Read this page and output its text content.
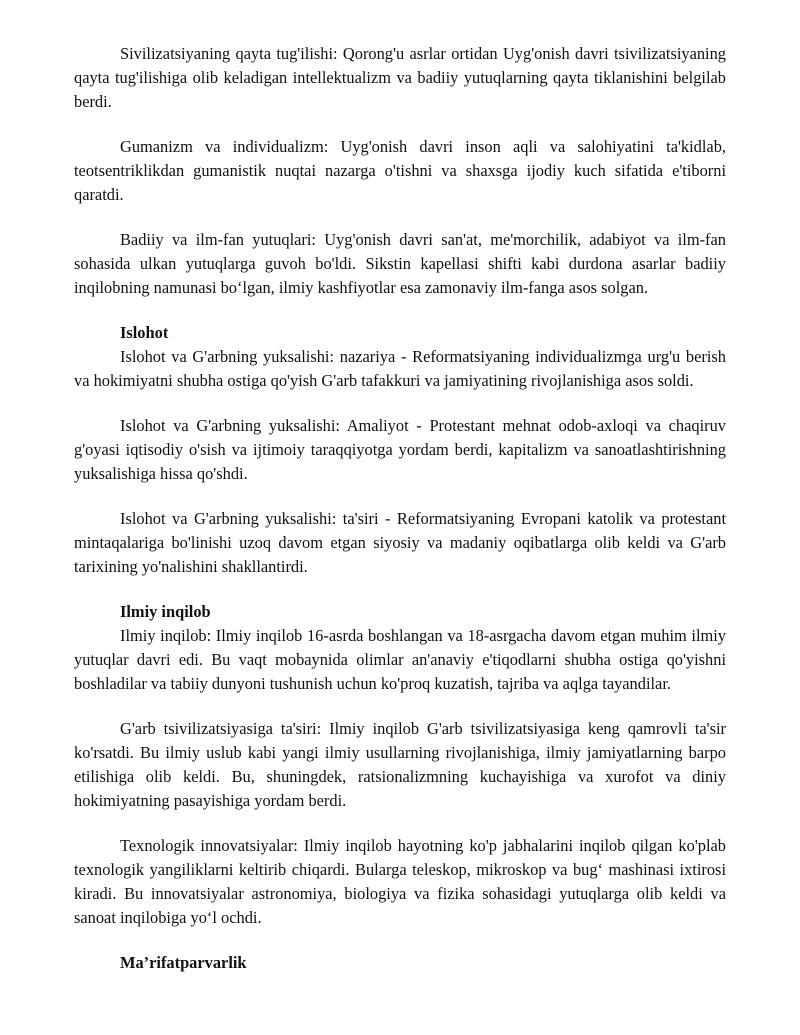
Sivilizatsiyaning qayta tug'ilishi: Qorong'u asrlar ortidan Uyg'onish davri tsivilizatsiyaning qayta tug'ilishiga olib keladigan intellektualizm va badiiy yutuqlarning qayta tiklanishini belgilab berdi.

Gumanizm va individualizm: Uyg'onish davri inson aqli va salohiyatini ta'kidlab, teotsentriklikdan gumanistik nuqtai nazarga o'tishni va shaxsga ijodiy kuch sifatida e'tiborni qaratdi.

Badiiy va ilm-fan yutuqlari: Uyg'onish davri san'at, me'morchilik, adabiyot va ilm-fan sohasida ulkan yutuqlarga guvoh bo'ldi. Sikstin kapellasi shifti kabi durdona asarlar badiiy inqilobning namunasi bo‘lgan, ilmiy kashfiyotlar esa zamonaviy ilm-fanga asos solgan.

Islohot

Islohot va G'arbning yuksalishi: nazariya - Reformatsiyaning individualizmga urg'u berish va hokimiyatni shubha ostiga qo'yish G'arb tafakkuri va jamiyatining rivojlanishiga asos soldi.

Islohot va G'arbning yuksalishi: Amaliyot - Protestant mehnat odob-axloqi va chaqiruv g'oyasi iqtisodiy o'sish va ijtimoiy taraqqiyotga yordam berdi, kapitalizm va sanoatlashtirishning yuksalishiga hissa qo'shdi.

Islohot va G'arbning yuksalishi: ta'siri - Reformatsiyaning Evropani katolik va protestant mintaqalariga bo'linishi uzoq davom etgan siyosiy va madaniy oqibatlarga olib keldi va G'arb tarixining yo'nalishini shakllantirdi.

Ilmiy inqilob

Ilmiy inqilob: Ilmiy inqilob 16-asrda boshlangan va 18-asrgacha davom etgan muhim ilmiy yutuqlar davri edi. Bu vaqt mobaynida olimlar an'anaviy e'tiqodlarni shubha ostiga qo'yishni boshladilar va tabiiy dunyoni tushunish uchun ko'proq kuzatish, tajriba va aqlga tayandilar.

G'arb tsivilizatsiyasiga ta'siri: Ilmiy inqilob G'arb tsivilizatsiyasiga keng qamrovli ta'sir ko'rsatdi. Bu ilmiy uslub kabi yangi ilmiy usullarning rivojlanishiga, ilmiy jamiyatlarning barpo etilishiga olib keldi. Bu, shuningdek, ratsionalizmning kuchayishiga va xurofot va diniy hokimiyatning pasayishiga yordam berdi.

Texnologik innovatsiyalar: Ilmiy inqilob hayotning ko'p jabhalarini inqilob qilgan ko'plab texnologik yangiliklarni keltirib chiqardi. Bularga teleskop, mikroskop va bug‘ mashinasi ixtirosi kiradi. Bu innovatsiyalar astronomiya, biologiya va fizika sohasidagi yutuqlarga olib keldi va sanoat inqilobiga yo‘l ochdi.

Ma’rifatparvarlik
